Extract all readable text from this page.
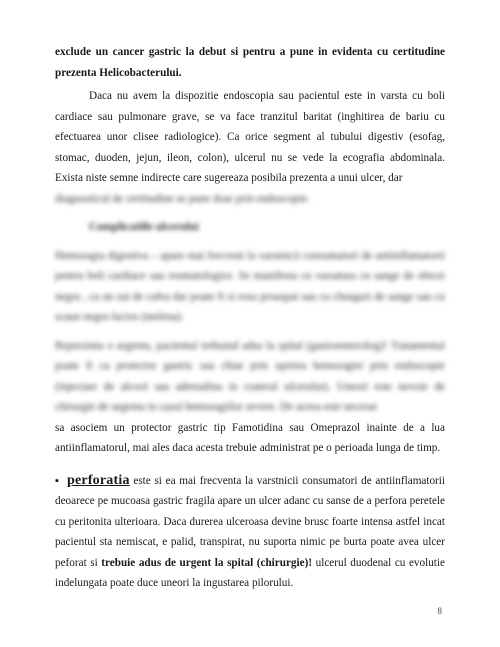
exclude un cancer gastric la debut si pentru a pune in evidenta cu certitudine prezenta Helicobacterului.

Daca nu avem la dispozitie endoscopia sau pacientul este in varsta cu boli cardiace sau pulmonare grave, se va face tranzitul baritat (inghitirea de bariu cu efectuarea unor clisee radiologice). Ca orice segment al tubului digestiv (esofag, stomac, duoden, jejun, ileon, colon), ulcerul nu se vede la ecografia abdominala. Exista niste semne indirecte care sugereaza posibila prezenta a unui ulcer, dar

diagnosticul de certitudine se pune doar prin endoscopie.

Complicatiile ulcerului

Hemoragia digestiva – apare mai frecvent la varstnicii consumatori de antiinflamatorii pentru boli cardiace sau reumatologice. Se manifesta cu varsatura cu sange de obicei negru , ca un zat de cafea dar poate fi si rosu proaspat sau cu cheaguri de sange sau cu scaun negru lucios (melena).

Reprezinta o urgenta, pacientul trebuind adus la spital (gastroenterolog)! Tratamentul poate fi cu protector gastric sau chiar prin oprirea hemoragiei prin endoscopie (injectare de alcool sau adrenalina in craterul ulcerului). Uneori este nevoie de chirurgie de urgenta in cazul hemoragiilor severe. De aceea este necesar

sa asociem un protector gastric tip Famotidina sau Omeprazol inainte de a lua antiinflamatorul, mai ales daca acesta trebuie administrat pe o perioada lunga de timp.

▪ perforatia este si ea mai frecventa la varstnicii consumatori de antiinflamatorii deoarece pe mucoasa gastric fragila apare un ulcer adanc cu sanse de a perfora peretele cu peritonita ulterioara. Daca durerea ulceroasa devine brusc foarte intensa astfel incat pacientul sta nemiscat, e palid, transpirat, nu suporta nimic pe burta poate avea ulcer peforat si trebuie adus de urgent la spital (chirurgie)! ulcerul duodenal cu evolutie indelungata poate duce uneori la ingustarea pilorului.

8
